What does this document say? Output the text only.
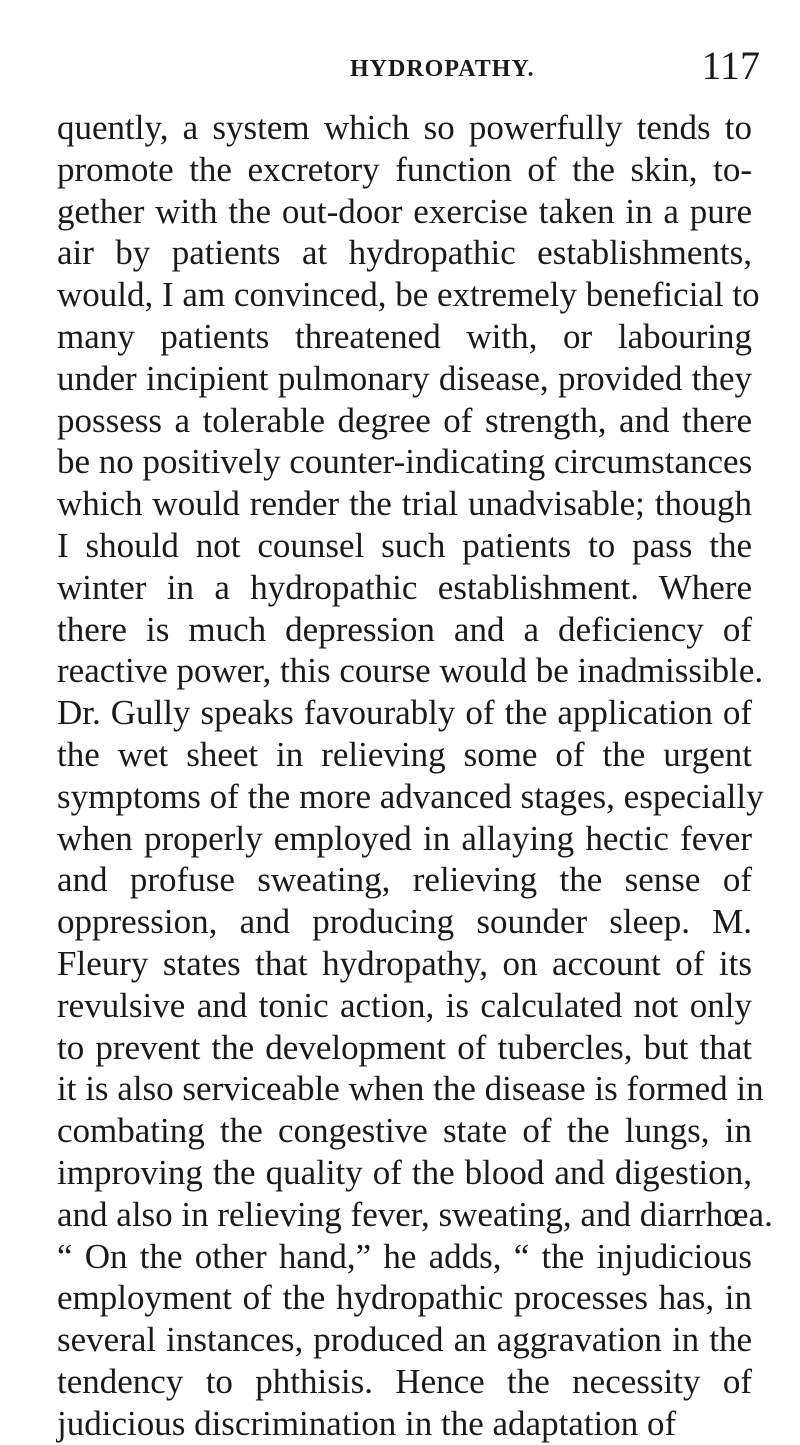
HYDROPATHY.	117
quently, a system which so powerfully tends to
promote the excretory function of the skin, to-
gether with the out-door exercise taken in a pure
air by patients at hydropathic establishments,
would, I am convinced, be extremely beneficial to
many patients threatened with, or labouring
under incipient pulmonary disease, provided they
possess a tolerable degree of strength, and there
be no positively counter-indicating circumstances
which would render the trial unadvisable; though
I should not counsel such patients to pass the
winter in a hydropathic establishment. Where
there is much depression and a deficiency of
reactive power, this course would be inadmissible.
Dr. Gully speaks favourably of the application of
the wet sheet in relieving some of the urgent
symptoms of the more advanced stages, especially
when properly employed in allaying hectic fever
and profuse sweating, relieving the sense of
oppression, and producing sounder sleep. M.
Fleury states that hydropathy, on account of its
revulsive and tonic action, is calculated not only
to prevent the development of tubercles, but that
it is also serviceable when the disease is formed in
combating the congestive state of the lungs, in
improving the quality of the blood and digestion,
and also in relieving fever, sweating, and diarrhœa.
“ On the other hand,” he adds, “ the injudicious
employment of the hydropathic processes has, in
several instances, produced an aggravation in the
tendency to phthisis. Hence the necessity of
judicious discrimination in the adaptation of
